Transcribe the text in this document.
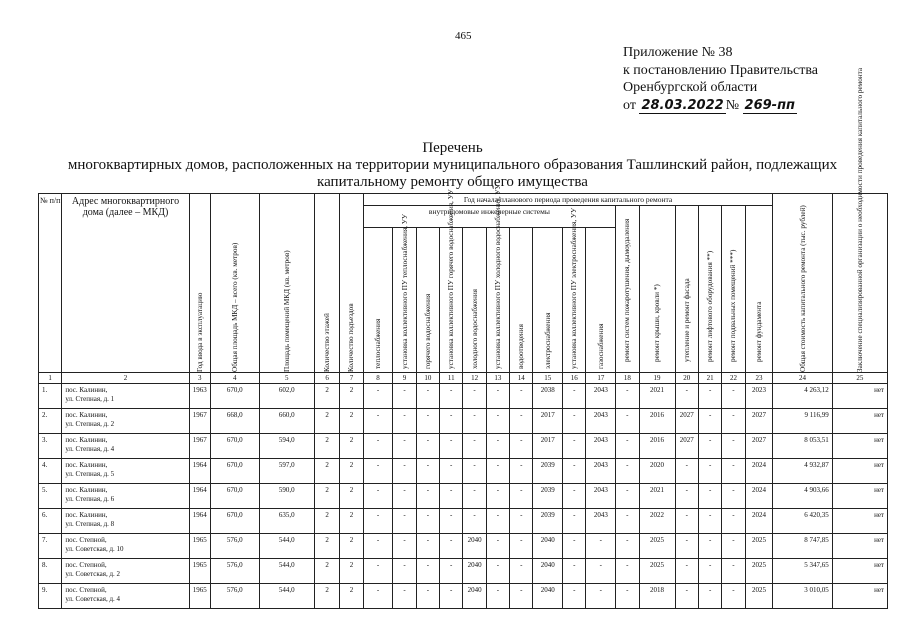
465
Приложение № 38
к постановлению Правительства
Оренбургской области
от 28.03.2022 № 269-пп
Перечень
многоквартирных домов, расположенных на территории муниципального образования Ташлинский район, подлежащих
капитальному ремонту общего имущества
№ п/п	Адрес многоквартирного дома (далее – МКД)	Год ввода в эксплуатацию	Общая площадь МКД – всего (кв. метров)	Площадь помещений МКД (кв. метров)	Количество этажей	Количество подъездов	Год начала планового периода проведения капитального ремонта																Общая стоимость капитального ремонта (тыс. рублей)	Заключение специализированной организации о необходимости проведения капитального ремонта

							внутридомовые инженерные системы										ремонт систем пожаротушения, дымоудаления	ремонт крыши, кровли *)	утепление и ремонт фасада	ремонт лифтового оборудования **)	ремонт подвальных помещений ***)	ремонт фундамента		

							теплоснабжения	установка коллективного ПУ теплоснабжения, УУ	горячего водоснабжения	установка коллективного ПУ горячего водоснабжения, УУ	холодного водоснабжения	установка коллективного ПУ холодного водоснабжения, УУ	водоотведения	электроснабжения	установка коллективного ПУ электроснабжения, УУ	газоснабжения								

1	2	3	4	5	6	7	8	9	10	11	12	13	14	15	16	17	18	19	20	21	22	23	24	25
1.	пос. Калинин,
ул. Степная, д. 1	1963	670,0	602,0	2	2	-	-	-	-	-	-	-	2038	-	2043	-	2021	-	-	-	2023	4 263,12	нет
2.	пос. Калинин,
ул. Степная, д. 2	1967	668,0	660,0	2	2	-	-	-	-	-	-	-	2017	-	2043	-	2016	2027	-	-	2027	9 116,99	нет
3.	пос. Калинин,
ул. Степная, д. 4	1967	670,0	594,0	2	2	-	-	-	-	-	-	-	2017	-	2043	-	2016	2027	-	-	2027	8 053,51	нет
4.	пос. Калинин,
ул. Степная, д. 5	1964	670,0	597,0	2	2	-	-	-	-	-	-	-	2039	-	2043	-	2020	-	-	-	2024	4 932,87	нет
5.	пос. Калинин,
ул. Степная, д. 6	1964	670,0	590,0	2	2	-	-	-	-	-	-	-	2039	-	2043	-	2021	-	-	-	2024	4 903,66	нет
6.	пос. Калинин,
ул. Степная, д. 8	1964	670,0	635,0	2	2	-	-	-	-	-	-	-	2039	-	2043	-	2022	-	-	-	2024	6 420,35	нет
7.	пос. Степной,
ул. Советская, д. 10	1965	576,0	544,0	2	2	-	-	-	-	2040	-	-	2040	-	-	-	2025	-	-	-	2025	8 747,85	нет
8.	пос. Степной,
ул. Советская, д. 2	1965	576,0	544,0	2	2	-	-	-	-	2040	-	-	2040	-	-	-	2025	-	-	-	2025	5 347,65	нет
9.	пос. Степной,
ул. Советская, д. 4	1965	576,0	544,0	2	2	-	-	-	-	2040	-	-	2040	-	-	-	2018	-	-	-	2025	3 010,05	нет
